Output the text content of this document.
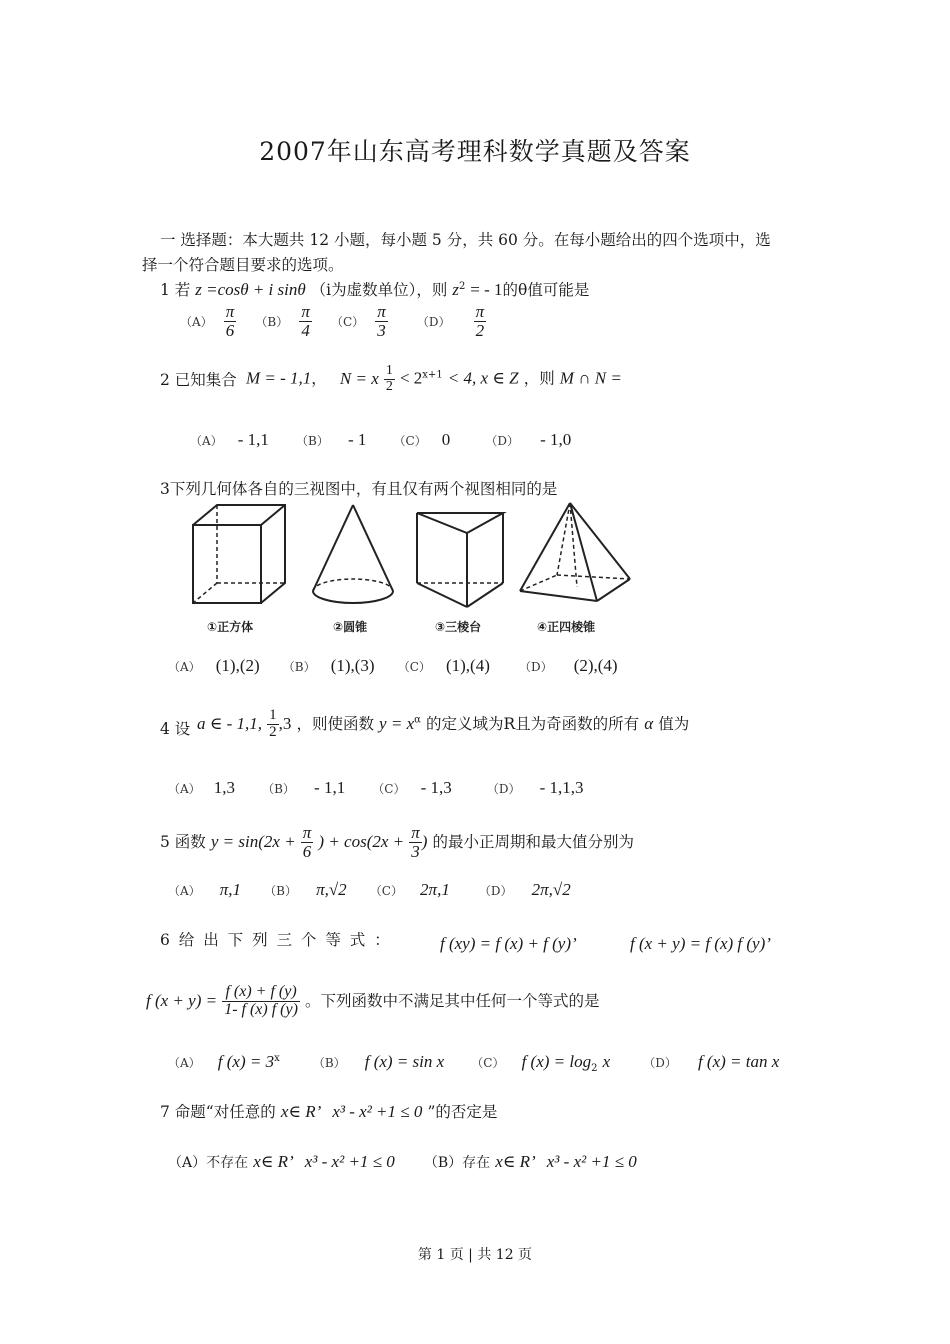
2007年山东高考理科数学真题及答案
一 选择题：本大题共 12 小题，每小题 5 分，共 60 分。在每小题给出的四个选项中，选
择一个符合题目要求的选项。
1 若 z =cosθ + i sinθ （i为虚数单位），则 $z^2$ = - 1的θ值可能是
$(A) \frac{\pi}{6} (B) \frac{\pi}{4} (C) \frac{\pi}{3} (D) \frac{\pi}{2}$
2 已知集合 M = - 1,1， N = x $\frac{1}{2} < 2^{x+1} < 4$, x ∈ Z ，则 M ∩ N =
（A） - 1,1 （B） - 1 （C） 0	（D） - 1,0
3下列几何体各自的三视图中，有且仅有两个视图相同的是
①正方体	②圆锥	③三棱台	④正四棱锥
（A） (1),(2) （B） (1),(3) （C） (1),(4) （D） (2),(4)
4 设 a ∈ - 1,1, $\frac{1}{2} ,3$ ，则使函数 $y = x^\alpha$ 的定义域为R且为奇函数的所有 α 值为
（A） 1,3 （B） - 1,1 （C） - 1,3	（D） - 1,1,3
5 函数 $y = \sin(2x + \frac{\pi}{6}$ ) + $\cos(2x + \frac{\pi}{3}$ ) 的最小正周期和最大值分别为
（A） π,1 （B） π,√2 （C） 2π,1 （D） 2π,√2
6 给 出 下 列 三 个 等 式 ：	f (xy) = f (x) + f (y)’	f (x + y) = f (x) f (y)’
f $(x + y) = \frac{f (x) + f (y)}{1- f (x) f (y)}$ 。下列函数中不满足其中任何一个等式的是
（A） f $(x) = 3^x$	（B） f (x) = sin x （C） f $(x) = \log_2 x$	（D） f (x) = tan x
7 命题“对任意的 x∈ R’ x³ - x² +1 ≤ 0 ”的否定是
（A）不存在 x∈ R’ x³ - x² +1 ≤ 0 （B）存在 x∈ R’ x³ - x² +1 ≤ 0
第 1 页 | 共 12 页
